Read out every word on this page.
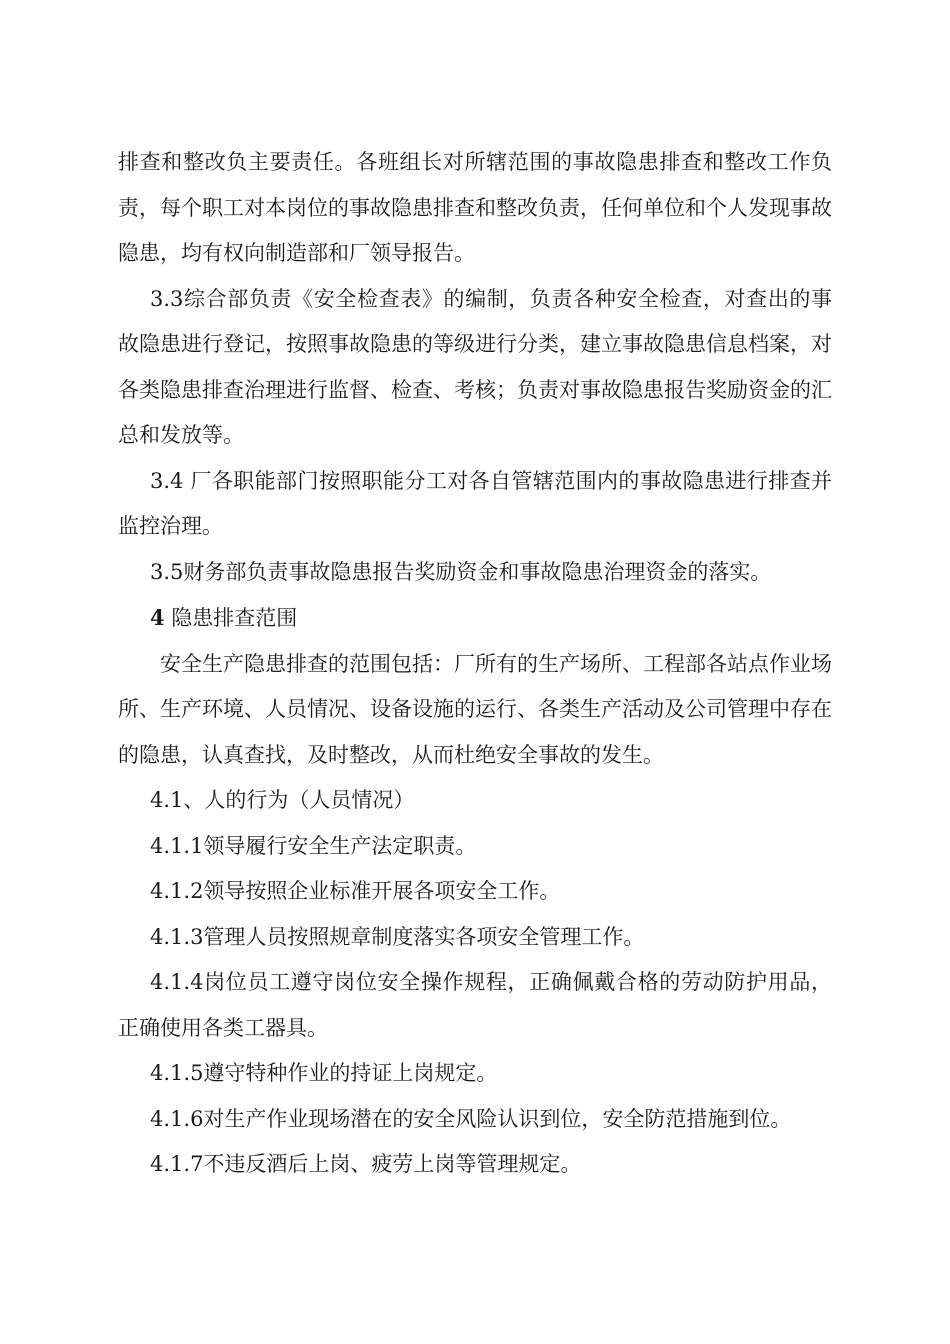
排查和整改负主要责任。各班组长对所辖范围的事故隐患排查和整改工作负责，每个职工对本岗位的事故隐患排查和整改负责，任何单位和个人发现事故隐患，均有权向制造部和厂领导报告。

3.3综合部负责《安全检查表》的编制，负责各种安全检查，对查出的事故隐患进行登记，按照事故隐患的等级进行分类，建立事故隐患信息档案，对各类隐患排查治理进行监督、检查、考核；负责对事故隐患报告奖励资金的汇总和发放等。

3.4 厂各职能部门按照职能分工对各自管辖范围内的事故隐患进行排查并监控治理。

3.5财务部负责事故隐患报告奖励资金和事故隐患治理资金的落实。

4 隐患排查范围

安全生产隐患排查的范围包括：厂所有的生产场所、工程部各站点作业场所、生产环境、人员情况、设备设施的运行、各类生产活动及公司管理中存在的隐患，认真查找，及时整改，从而杜绝安全事故的发生。

4.1、人的行为（人员情况）

4.1.1领导履行安全生产法定职责。

4.1.2领导按照企业标准开展各项安全工作。

4.1.3管理人员按照规章制度落实各项安全管理工作。

4.1.4岗位员工遵守岗位安全操作规程，正确佩戴合格的劳动防护用品，正确使用各类工器具。

4.1.5遵守特种作业的持证上岗规定。

4.1.6对生产作业现场潜在的安全风险认识到位，安全防范措施到位。

4.1.7不违反酒后上岗、疲劳上岗等管理规定。
